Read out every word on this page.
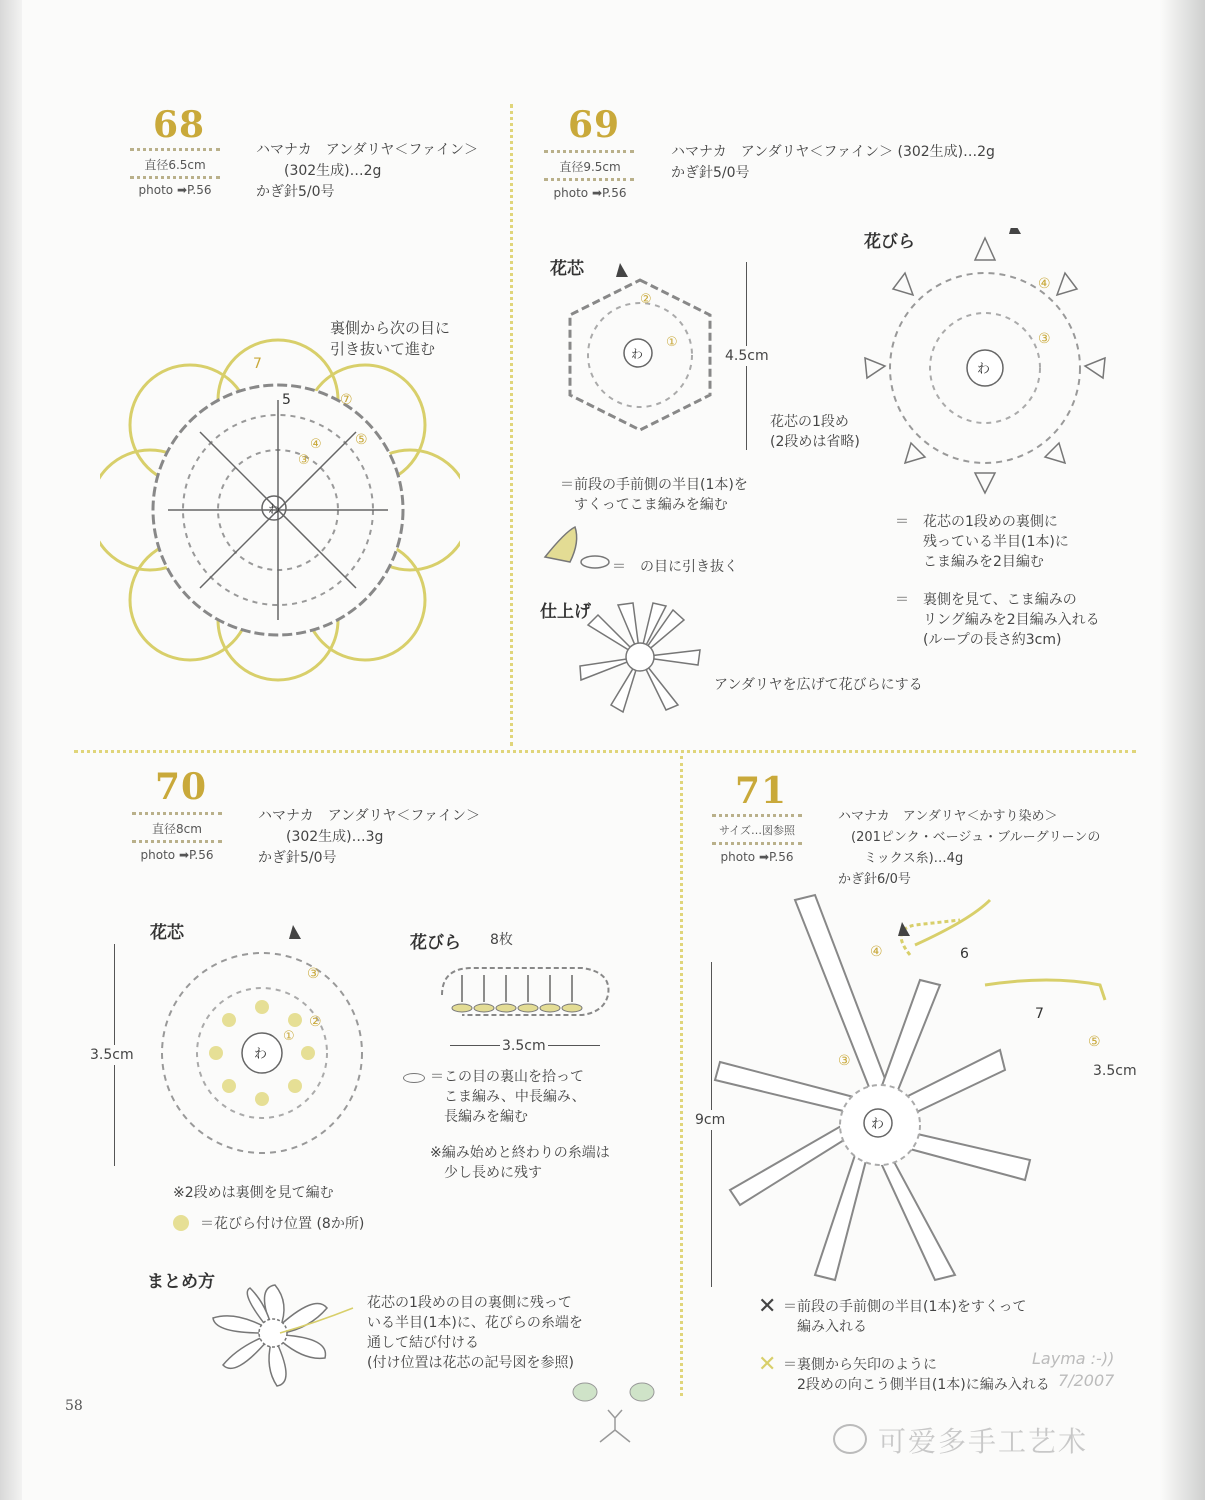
68
直径6.5cm
photo ➡P.56
ハマナカ　アンダリヤ＜ファイン＞
　　(302生成)…2g
かぎ針5/0号
裏側から次の目に
引き抜いて進む
わ
5
7
⑦
⑤
④
③
69
直径9.5cm
photo ➡P.56
ハマナカ　アンダリヤ＜ファイン＞ (302生成)…2g
かぎ針5/0号
花芯
わ
①
②
4.5cm
花びら
わ
④
③
花芯の1段め
(2段めは省略)
＝前段の手前側の半目(1本)を
　すくってこま編みを編む
＝　の目に引き抜く
＝　花芯の1段めの裏側に
　　残っている半目(1本)に
　　こま編みを2目編む
＝　裏側を見て、こま編みの
　　リング編みを2目編み入れる
　　(ループの長さ約3cm)
仕上げ
アンダリヤを広げて花びらにする
70
直径8cm
photo ➡P.56
ハマナカ　アンダリヤ＜ファイン＞
　　(302生成)…3g
かぎ針5/0号
花芯
わ
③
②
①
3.5cm
花びら 8枚
3.5cm
＝この目の裏山を拾って
　こま編み、中長編み、
　長編みを編む
※編み始めと終わりの糸端は
　少し長めに残す
※2段めは裏側を見て編む
＝花びら付け位置 (8か所)
まとめ方
花芯の1段めの目の裏側に残って
いる半目(1本)に、花びらの糸端を
通して結び付ける
(付け位置は花芯の記号図を参照)
71
サイズ…図参照
photo ➡P.56
ハマナカ　アンダリヤ＜かすり染め＞
　(201ピンク・ベージュ・ブルーグリーンの
　　ミックス糸)…4g
かぎ針6/0号
わ
6
7
④
③
⑤
9cm
3.5cm
✕ ＝前段の手前側の半目(1本)をすくって
　編み入れる
✕ ＝裏側から矢印のように
　2段めの向こう側半目(1本)に編み入れる
58
Layma :-))
7/2007
可爱多手工艺术
